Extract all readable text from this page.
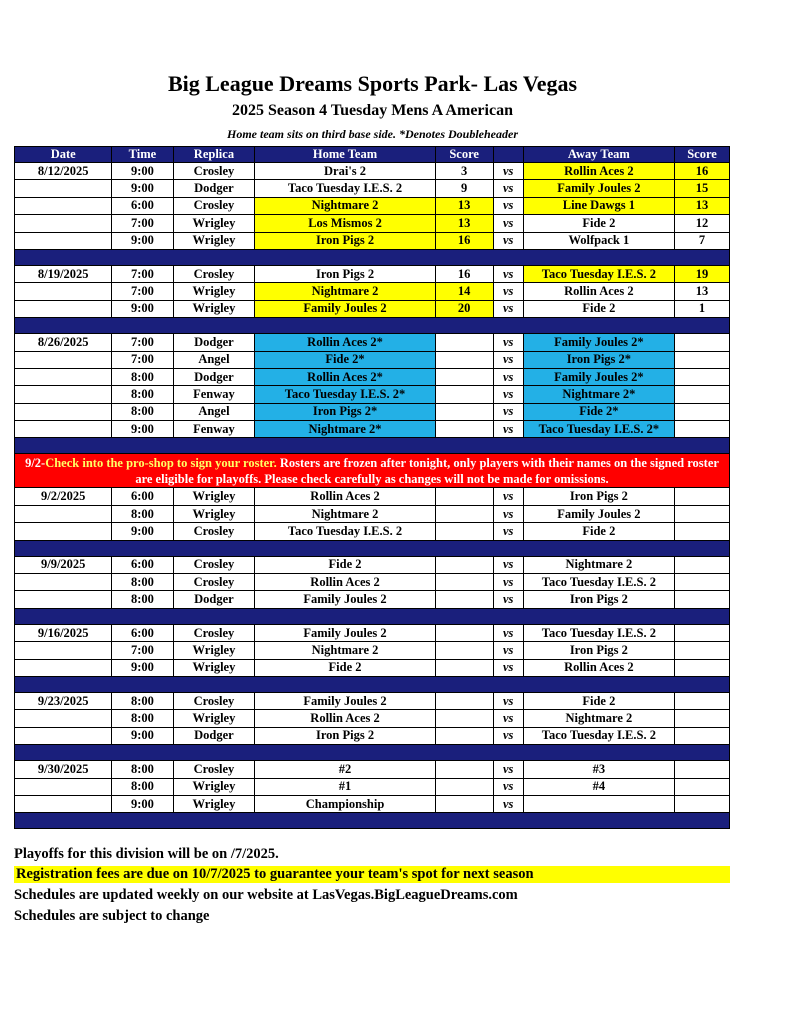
Big League Dreams Sports Park- Las Vegas
2025 Season 4 Tuesday Mens A American
Home team sits on third base side. *Denotes Doubleheader
Date	Time	Replica	Home Team	Score		Away Team	Score
8/12/2025	9:00	Crosley	Drai's 2	3	vs	Rollin Aces 2	16
	9:00	Dodger	Taco Tuesday I.E.S. 2	9	vs	Family Joules 2	15
	6:00	Crosley	Nightmare 2	13	vs	Line Dawgs 1	13
	7:00	Wrigley	Los Mismos 2	13	vs	Fide 2	12
	9:00	Wrigley	Iron Pigs 2	16	vs	Wolfpack 1	7

8/19/2025	7:00	Crosley	Iron Pigs 2	16	vs	Taco Tuesday I.E.S. 2	19
	7:00	Wrigley	Nightmare 2	14	vs	Rollin Aces 2	13
	9:00	Wrigley	Family Joules 2	20	vs	Fide 2	1

8/26/2025	7:00	Dodger	Rollin Aces 2*		vs	Family Joules 2*	
	7:00	Angel	Fide 2*		vs	Iron Pigs 2*	
	8:00	Dodger	Rollin Aces 2*		vs	Family Joules 2*	
	8:00	Fenway	Taco Tuesday I.E.S. 2*		vs	Nightmare 2*	
	8:00	Angel	Iron Pigs 2*		vs	Fide 2*	
	9:00	Fenway	Nightmare 2*		vs	Taco Tuesday I.E.S. 2*	

9/2-Check into the pro-shop to sign your roster. Rosters are frozen after tonight, only players with their names on the signed roster are eligible for playoffs. Please check carefully as changes will not be made for omissions.							
9/2/2025	6:00	Wrigley	Rollin Aces 2		vs	Iron Pigs 2	
	8:00	Wrigley	Nightmare 2		vs	Family Joules 2	
	9:00	Crosley	Taco Tuesday I.E.S. 2		vs	Fide 2	

9/9/2025	6:00	Crosley	Fide 2		vs	Nightmare 2	
	8:00	Crosley	Rollin Aces 2		vs	Taco Tuesday I.E.S. 2	
	8:00	Dodger	Family Joules 2		vs	Iron Pigs 2	

9/16/2025	6:00	Crosley	Family Joules 2		vs	Taco Tuesday I.E.S. 2	
	7:00	Wrigley	Nightmare 2		vs	Iron Pigs 2	
	9:00	Wrigley	Fide 2		vs	Rollin Aces 2	

9/23/2025	8:00	Crosley	Family Joules 2		vs	Fide 2	
	8:00	Wrigley	Rollin Aces 2		vs	Nightmare 2	
	9:00	Dodger	Iron Pigs 2		vs	Taco Tuesday I.E.S. 2	

9/30/2025	8:00	Crosley	#2		vs	#3	
	8:00	Wrigley	#1		vs	#4	
	9:00	Wrigley	Championship		vs		

Playoffs for this division will be on /7/2025.
Registration fees are due on 10/7/2025 to guarantee your team's spot for next season
Schedules are updated weekly on our website at LasVegas.BigLeagueDreams.com
Schedules are subject to change
